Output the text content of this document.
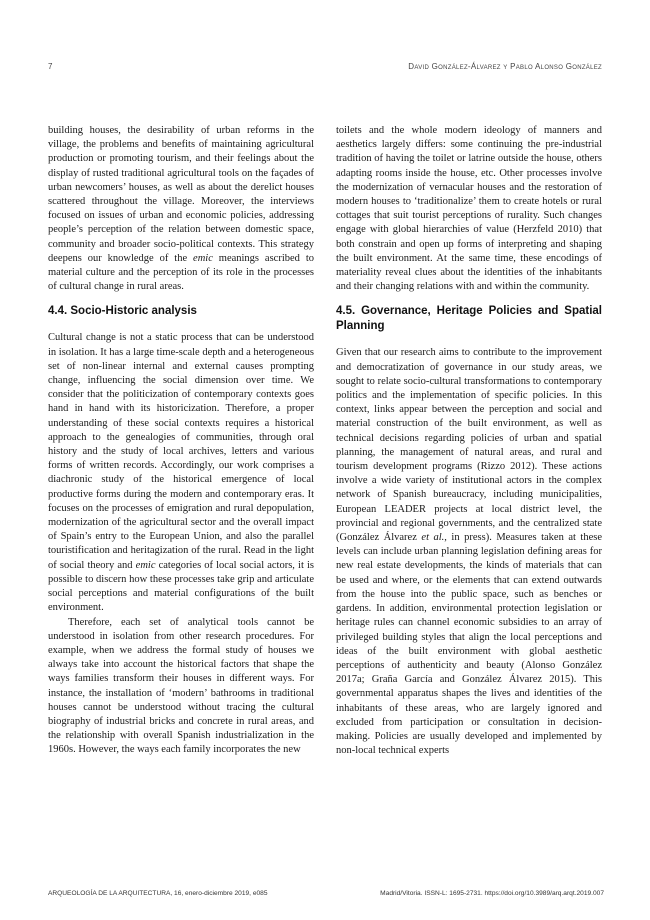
7	David González-Álvarez y Pablo Alonso González

building houses, the desirability of urban reforms in the village, the problems and benefits of maintaining agricultural production or promoting tourism, and their feelings about the display of rusted traditional agricultural tools on the façades of urban newcomers’ houses, as well as about the derelict houses scattered throughout the village. Moreover, the interviews focused on issues of urban and economic policies, addressing people’s perception of the relation between domestic space, community and broader socio-political contexts. This strategy deepens our knowledge of the emic meanings ascribed to material culture and the perception of its role in the processes of cultural change in rural areas.

4.4. Socio-Historic analysis

Cultural change is not a static process that can be understood in isolation. It has a large time-scale depth and a heterogeneous set of non-linear internal and external causes prompting change, influencing the social dimension over time. We consider that the politicization of contemporary contexts goes hand in hand with its historicization. Therefore, a proper understanding of these social contexts requires a historical approach to the genealogies of communities, through oral history and the study of local archives, letters and various forms of written records. Accordingly, our work comprises a diachronic study of the historical emergence of local productive forms during the modern and contemporary eras. It focuses on the processes of emigration and rural depopulation, modernization of the agricultural sector and the overall impact of Spain’s entry to the European Union, and also the parallel touristification and heritagization of the rural. Read in the light of social theory and emic categories of local social actors, it is possible to discern how these processes take grip and articulate social perceptions and material configurations of the built environment.

Therefore, each set of analytical tools cannot be understood in isolation from other research procedures. For example, when we address the formal study of houses we always take into account the historical factors that shape the ways families transform their houses in different ways. For instance, the installation of ‘modern’ bathrooms in traditional houses cannot be understood without tracing the cultural biography of industrial bricks and concrete in rural areas, and the relationship with overall Spanish industrialization in the 1960s. However, the ways each family incorporates the new

toilets and the whole modern ideology of manners and aesthetics largely differs: some continuing the pre-industrial tradition of having the toilet or latrine outside the house, others adapting rooms inside the house, etc. Other processes involve the modernization of vernacular houses and the restoration of modern houses to ‘traditionalize’ them to create hotels or rural cottages that suit tourist perceptions of rurality. Such changes engage with global hierarchies of value (Herzfeld 2010) that both constrain and open up forms of interpreting and shaping the built environment. At the same time, these encodings of materiality reveal clues about the identities of the inhabitants and their changing relations with and within the community.

4.5. Governance, Heritage Policies and Spatial Planning

Given that our research aims to contribute to the improvement and democratization of governance in our study areas, we sought to relate socio-cultural transformations to contemporary politics and the implementation of specific policies. In this context, links appear between the perception and social and material construction of the built environment, as well as technical decisions regarding policies of urban and spatial planning, the management of natural areas, and rural and tourism development programs (Rizzo 2012). These actions involve a wide variety of institutional actors in the complex network of Spanish bureaucracy, including municipalities, European LEADER projects at local district level, the provincial and regional governments, and the centralized state (González Álvarez et al., in press). Measures taken at these levels can include urban planning legislation defining areas for new real estate developments, the kinds of materials that can be used and where, or the elements that can extend outwards from the house into the public space, such as benches or gardens. In addition, environmental protection legislation or heritage rules can channel economic subsidies to an array of privileged building styles that align the local perceptions and ideas of the built environment with global aesthetic perceptions of authenticity and beauty (Alonso González 2017a; Graña García and González Álvarez 2015). This governmental apparatus shapes the lives and identities of the inhabitants of these areas, who are largely ignored and excluded from participation or consultation in decision-making. Policies are usually developed and implemented by non-local technical experts

ARQUEOLOGÍA DE LA ARQUITECTURA, 16, enero-diciembre 2019, e085	Madrid/Vitoria. ISSN-L: 1695-2731. https://doi.org/10.3989/arq.arqt.2019.007
